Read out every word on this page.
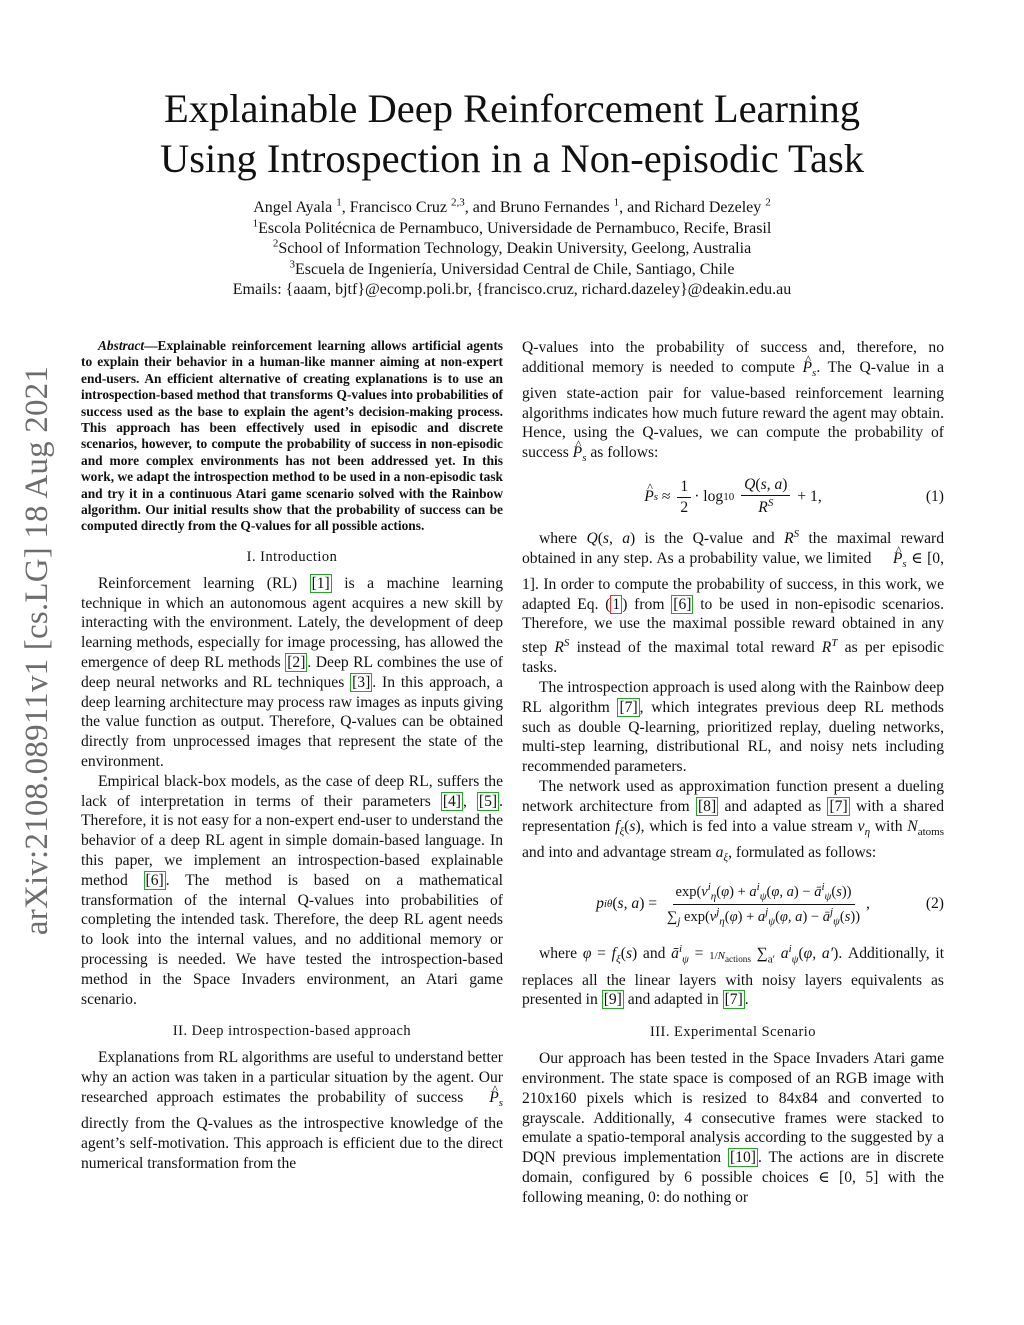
arXiv:2108.08911v1 [cs.LG] 18 Aug 2021
Explainable Deep Reinforcement Learning
Using Introspection in a Non-episodic Task
Angel Ayala $^1$, Francisco Cruz $^{2,3}$, and Bruno Fernandes $^1$, and Richard Dezeley $^2$
$^1$Escola Politécnica de Pernambuco, Universidade de Pernambuco, Recife, Brasil
$^2$School of Information Technology, Deakin University, Geelong, Australia
$^3$Escuela de Ingeniería, Universidad Central de Chile, Santiago, Chile
Emails: {aaam, bjtf}@ecomp.poli.br, {francisco.cruz, richard.dazeley}@deakin.edu.au

Abstract—Explainable reinforcement learning allows artificial agents to explain their behavior in a human-like manner aiming at non-expert end-users. An efficient alternative of creating explanations is to use an introspection-based method that transforms Q-values into probabilities of success used as the base to explain the agent’s decision-making process. This approach has been effectively used in episodic and discrete scenarios, however, to compute the probability of success in non-episodic and more complex environments has not been addressed yet. In this work, we adapt the introspection method to be used in a non-episodic task and try it in a continuous Atari game scenario solved with the Rainbow algorithm. Our initial results show that the probability of success can be computed directly from the Q-values for all possible actions.

I. Introduction

Reinforcement learning (RL) [1] is a machine learning technique in which an autonomous agent acquires a new skill by interacting with the environment. Lately, the development of deep learning methods, especially for image processing, has allowed the emergence of deep RL methods [2] . Deep RL combines the use of deep neural networks and RL techniques [3] . In this approach, a deep learning architecture may process raw images as inputs giving the value function as output. Therefore, Q-values can be obtained directly from unprocessed images that represent the state of the environment.

Empirical black-box models, as the case of deep RL, suffers the lack of interpretation in terms of their parameters [4] , [5] . Therefore, it is not easy for a non-expert end-user to understand the behavior of a deep RL agent in simple domain-based language. In this paper, we implement an introspection-based explainable method [6] . The method is based on a mathematical transformation of the internal Q-values into probabilities of completing the intended task. Therefore, the deep RL agent needs to look into the internal values, and no additional memory or processing is needed. We have tested the introspection-based method in the Space Invaders environment, an Atari game scenario.

II. Deep introspection-based approach

Explanations from RL algorithms are useful to understand better why an action was taken in a particular situation by the agent. Our researched approach estimates the probability of success ^ $P_s$ directly from the Q-values as the introspective knowledge of the agent’s self-motivation. This approach is efficient due to the direct numerical transformation from the

Q-values into the probability of success and, therefore, no additional memory is needed to compute ^ $P_s$. The Q-value in a given state-action pair for value-based reinforcement learning algorithms indicates how much future reward the agent may obtain. Hence, using the Q-values, we can compute the probability of success ^ $P_s$ as follows:

^ P $s \approx \frac{1}{2} \cdot \log 10$
$\frac{Q(s, a)}{R^S} + 1$,	(1)

where Q(s, a) is the Q-value and $R^S$ the maximal reward obtained in any step. As a probability value, we limited ^ $P_s$ ∈ [0, 1]. In order to compute the probability of success, in this work, we adapted Eq. ( 1 ) from [6] to be used in non-episodic scenarios. Therefore, we use the maximal possible reward obtained in any step $R^S$ instead of the maximal total reward $R^T$ as per episodic tasks.

The introspection approach is used along with the Rainbow deep RL algorithm [7] , which integrates previous deep RL methods such as double Q-learning, prioritized replay, dueling networks, multi-step learning, distributional RL, and noisy nets including recommended parameters.

The network used as approximation function present a dueling network architecture from [8] and adapted as [7] with a shared representation $f_\xi(s)$, which is fed into a value stream $v_\eta$ with $N_{atoms}$ and into and advantage stream $a_\xi$, formulated as follows:

p i θ ( s, a ) = $\frac{\exp(v^i_\eta(\varphi) + a^i_\psi(\varphi, a) - ā^i_\psi(s))}{\sum_j \exp(v^j_\eta(\varphi) + a^j_\psi(\varphi, a) - ā^j_\psi(s))}$ ,	(2)

where $\varphi = f_\xi(s)$ and $ā^i_\psi = 1/N_{actions}$ $\sum_{a'}$ $a^i_\psi(\varphi$, a′). Additionally, it replaces all the linear layers with noisy layers equivalents as presented in [9] and adapted in [7] .

III. Experimental Scenario

Our approach has been tested in the Space Invaders Atari game environment. The state space is composed of an RGB image with 210x160 pixels which is resized to 84x84 and converted to grayscale. Additionally, 4 consecutive frames were stacked to emulate a spatio-temporal analysis according to the suggested by a DQN previous implementation [10] . The actions are in discrete domain, configured by 6 possible choices ∈ [0, 5] with the following meaning, 0: do nothing or
